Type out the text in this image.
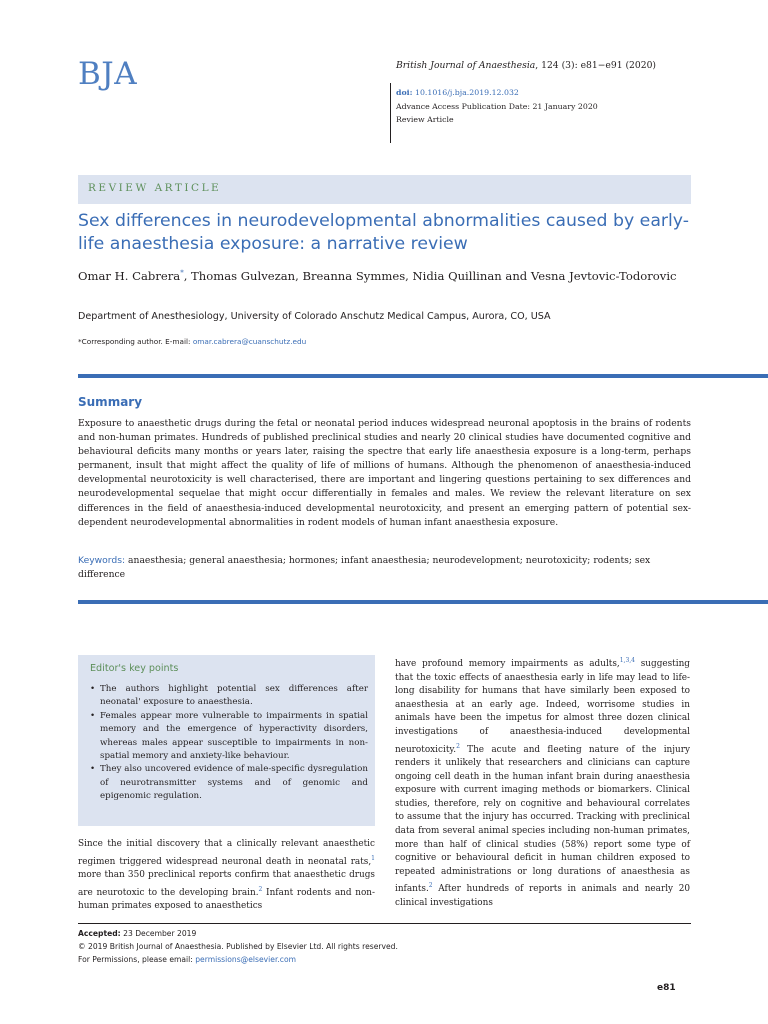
BJA	British Journal of Anaesthesia, 124 (3): e81−e91 (2020)
doi: 10.1016/j.bja.2019.12.032
Advance Access Publication Date: 21 January 2020
Review Article
REVIEW ARTICLE
Sex differences in neurodevelopmental abnormalities caused by early-life anaesthesia exposure: a narrative review
Omar H. Cabrera*, Thomas Gulvezan, Breanna Symmes, Nidia Quillinan and Vesna Jevtovic-Todorovic
Department of Anesthesiology, University of Colorado Anschutz Medical Campus, Aurora, CO, USA
*Corresponding author. E-mail: omar.cabrera@cuanschutz.edu
Summary
Exposure to anaesthetic drugs during the fetal or neonatal period induces widespread neuronal apoptosis in the brains of rodents and non-human primates. Hundreds of published preclinical studies and nearly 20 clinical studies have documented cognitive and behavioural deficits many months or years later, raising the spectre that early life anaesthesia exposure is a long-term, perhaps permanent, insult that might affect the quality of life of millions of humans. Although the phenomenon of anaesthesia-induced developmental neurotoxicity is well characterised, there are important and lingering questions pertaining to sex differences and neurodevelopmental sequelae that might occur differentially in females and males. We review the relevant literature on sex differences in the field of anaesthesia-induced developmental neurotoxicity, and present an emerging pattern of potential sex-dependent neurodevelopmental abnormalities in rodent models of human infant anaesthesia exposure.
Keywords: anaesthesia; general anaesthesia; hormones; infant anaesthesia; neurodevelopment; neurotoxicity; rodents; sex difference
Editor's key points
• The authors highlight potential sex differences after neonatal' exposure to anaesthesia.
• Females appear more vulnerable to impairments in spatial memory and the emergence of hyperactivity disorders, whereas males appear susceptible to impairments in non-spatial memory and anxiety-like behaviour.
• They also uncovered evidence of male-specific dysregulation of neurotransmitter systems and of genomic and epigenomic regulation.
Since the initial discovery that a clinically relevant anaesthetic regimen triggered widespread neuronal death in neonatal rats,$^1$ more than 350 preclinical reports confirm that anaesthetic drugs are neurotoxic to the developing brain.$^2$ Infant rodents and non-human primates exposed to anaesthetics
have profound memory impairments as adults,$^{1,3,4}$ suggesting that the toxic effects of anaesthesia early in life may lead to life-long disability for humans that have similarly been exposed to anaesthesia at an early age. Indeed, worrisome studies in animals have been the impetus for almost three dozen clinical investigations of anaesthesia-induced developmental neurotoxicity.$^2$ The acute and fleeting nature of the injury renders it unlikely that researchers and clinicians can capture ongoing cell death in the human infant brain during anaesthesia exposure with current imaging methods or biomarkers. Clinical studies, therefore, rely on cognitive and behavioural correlates to assume that the injury has occurred. Tracking with preclinical data from several animal species including non-human primates, more than half of clinical studies (58%) report some type of cognitive or behavioural deficit in human children exposed to repeated administrations or long durations of anaesthesia as infants.$^2$ After hundreds of reports in animals and nearly 20 clinical investigations
Accepted: 23 December 2019
© 2019 British Journal of Anaesthesia. Published by Elsevier Ltd. All rights reserved.
For Permissions, please email: permissions@elsevier.com
e81
